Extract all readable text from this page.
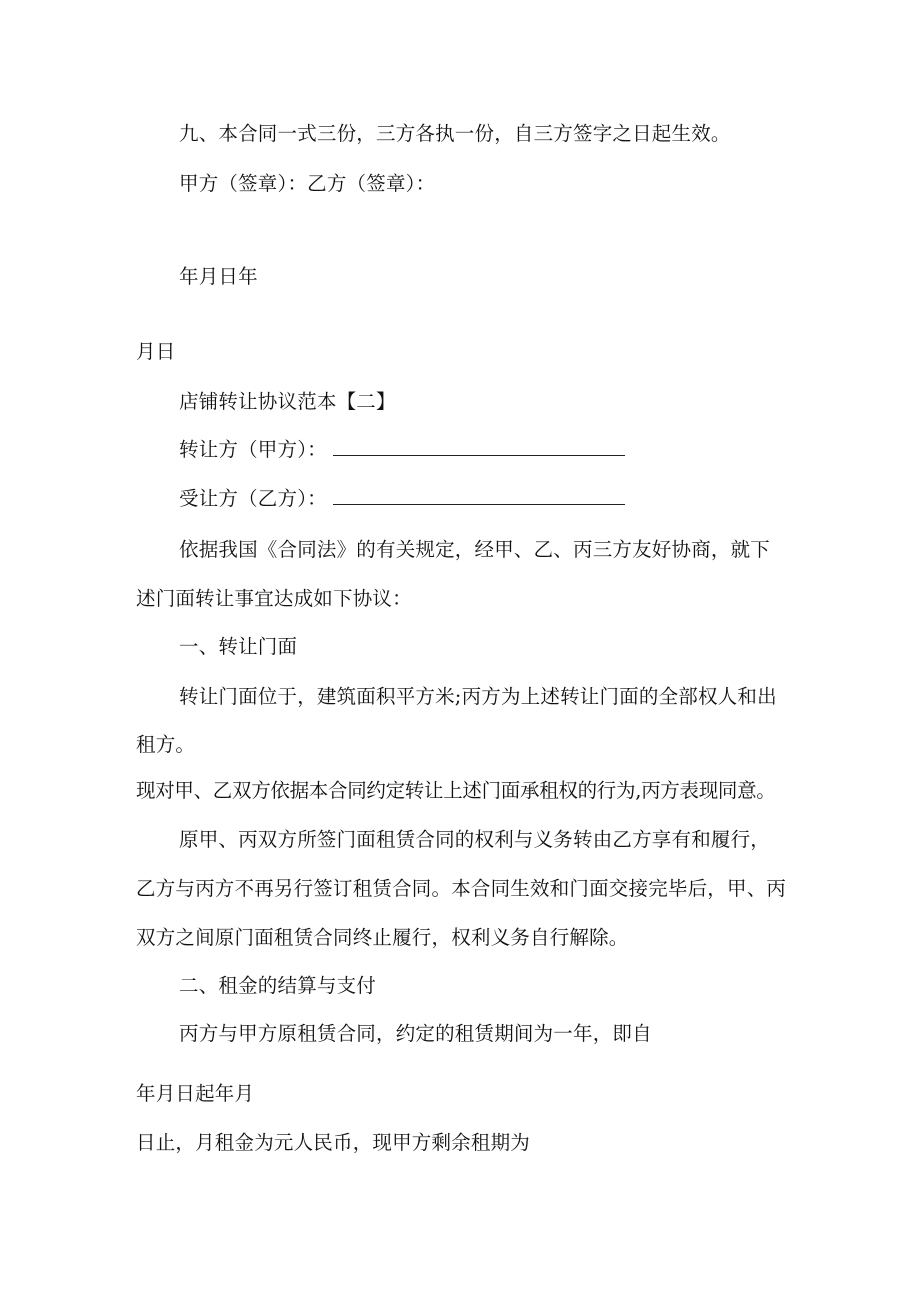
九、本合同一式三份，三方各执一份，自三方签字之日起生效。
甲方（签章）：乙方（签章）：
年月日年
月日
店铺转让协议范本【二】
转让方（甲方）：
受让方（乙方）：
依据我国《合同法》的有关规定，经甲、乙、丙三方友好协商，就下
述门面转让事宜达成如下协议：
一、转让门面
转让门面位于，建筑面积平方米;丙方为上述转让门面的全部权人和出
租方。
现对甲、乙双方依据本合同约定转让上述门面承租权的行为,丙方表现同意。
原甲、丙双方所签门面租赁合同的权利与义务转由乙方享有和履行，
乙方与丙方不再另行签订租赁合同。本合同生效和门面交接完毕后，甲、丙
双方之间原门面租赁合同终止履行，权利义务自行解除。
二、租金的结算与支付
丙方与甲方原租赁合同，约定的租赁期间为一年，即自
年月日起年月
日止，月租金为元人民币，现甲方剩余租期为
